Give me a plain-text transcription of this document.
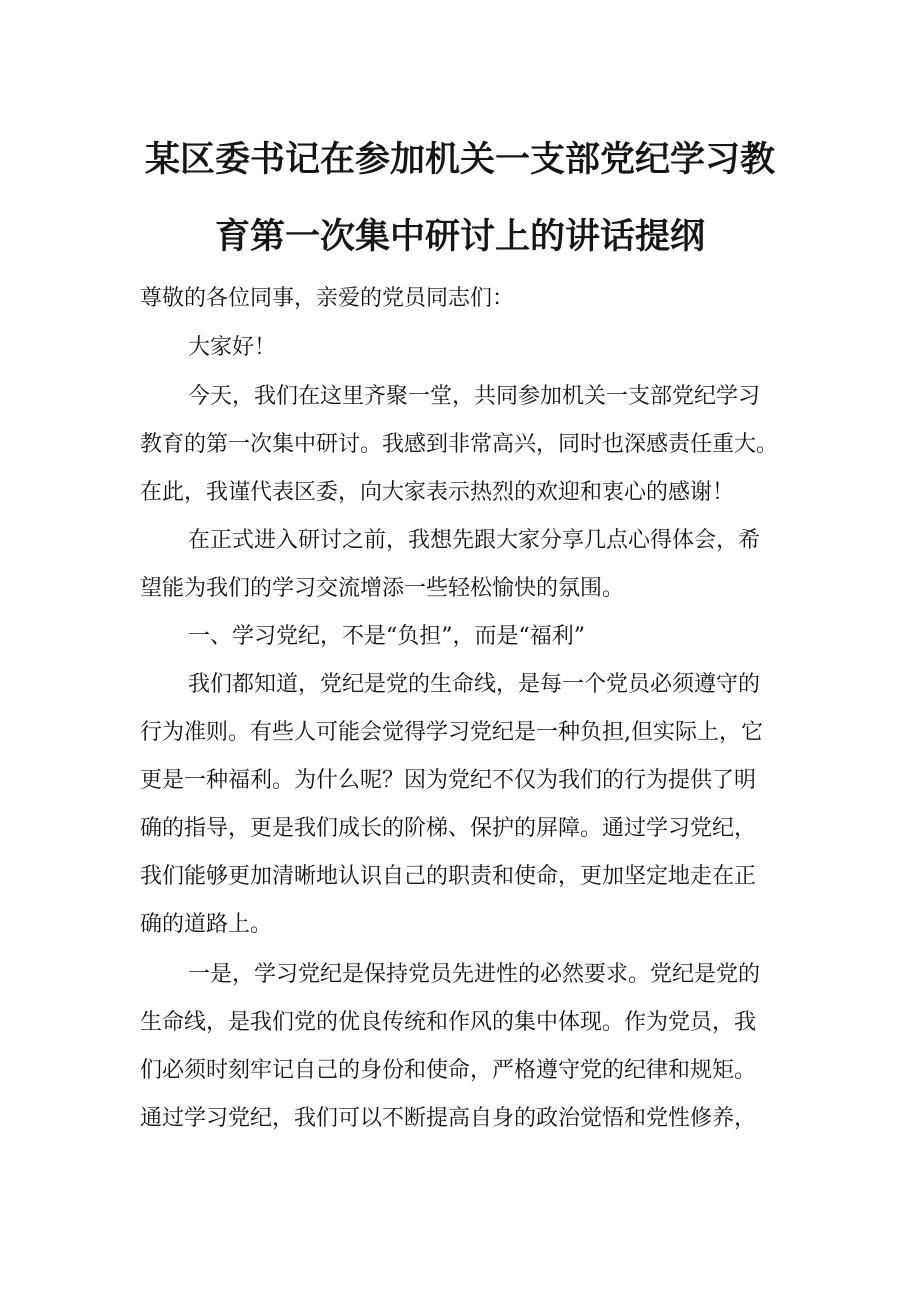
某区委书记在参加机关一支部党纪学习教
育第一次集中研讨上的讲话提纲

尊敬的各位同事，亲爱的党员同志们：

大家好！

今天，我们在这里齐聚一堂，共同参加机关一支部党纪学习

教育的第一次集中研讨。我感到非常高兴，同时也深感责任重大。

在此，我谨代表区委，向大家表示热烈的欢迎和衷心的感谢！

在正式进入研讨之前，我想先跟大家分享几点心得体会，希

望能为我们的学习交流增添一些轻松愉快的氛围。

一、学习党纪，不是“负担”，而是“福利”

我们都知道，党纪是党的生命线，是每一个党员必须遵守的

行为准则。有些人可能会觉得学习党纪是一种负担,但实际上，它

更是一种福利。为什么呢？因为党纪不仅为我们的行为提供了明

确的指导，更是我们成长的阶梯、保护的屏障。通过学习党纪，

我们能够更加清晰地认识自己的职责和使命，更加坚定地走在正

确的道路上。

一是，学习党纪是保持党员先进性的必然要求。党纪是党的

生命线，是我们党的优良传统和作风的集中体现。作为党员，我

们必须时刻牢记自己的身份和使命，严格遵守党的纪律和规矩。

通过学习党纪，我们可以不断提高自身的政治觉悟和党性修养，
